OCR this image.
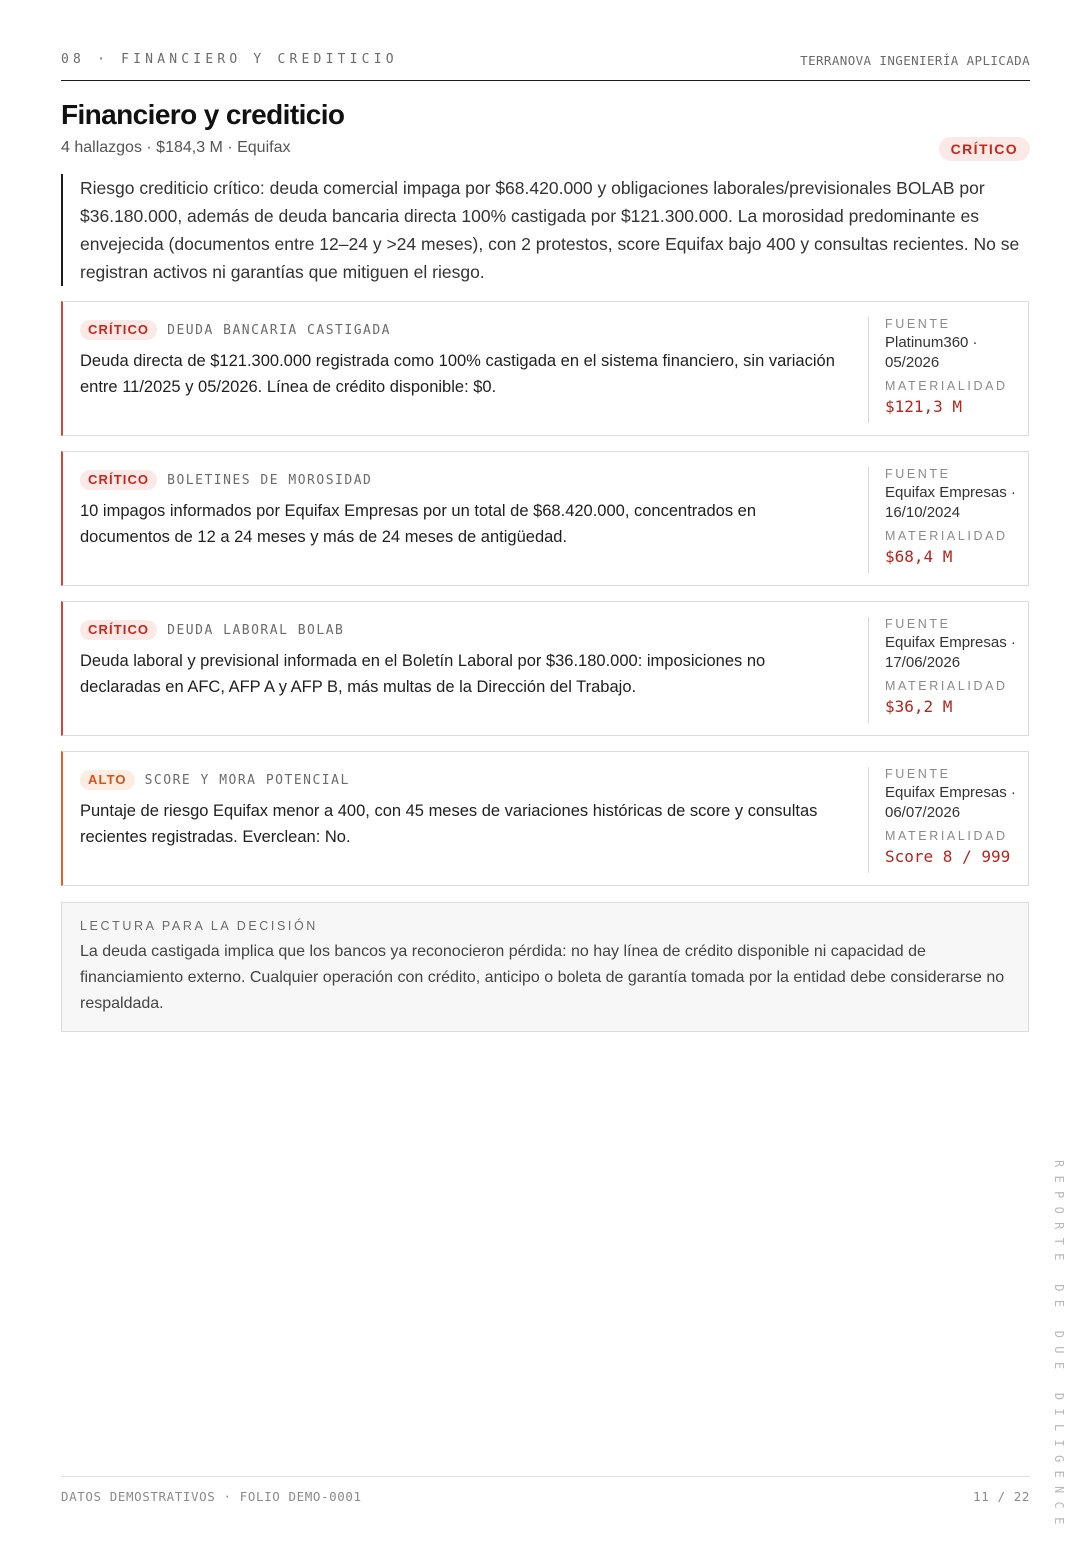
08 · FINANCIERO Y CREDITICIO	TERRANOVA INGENIERÍA APLICADA
Financiero y crediticio
4 hallazgos · $184,3 M · Equifax	CRÍTICO
Riesgo crediticio crítico: deuda comercial impaga por $68.420.000 y obligaciones laborales/previsionales BOLAB por $36.180.000, además de deuda bancaria directa 100% castigada por $121.300.000. La morosidad predominante es envejecida (documentos entre 12–24 y >24 meses), con 2 protestos, score Equifax bajo 400 y consultas recientes. No se registran activos ni garantías que mitiguen el riesgo.
CRÍTICO	DEUDA BANCARIA CASTIGADA
Deuda directa de $121.300.000 registrada como 100% castigada en el sistema financiero, sin variación entre 11/2025 y 05/2026. Línea de crédito disponible: $0.
FUENTE
Platinum360 · 05/2026
MATERIALIDAD
$121,3 M
CRÍTICO	BOLETINES DE MOROSIDAD
10 impagos informados por Equifax Empresas por un total de $68.420.000, concentrados en documentos de 12 a 24 meses y más de 24 meses de antigüedad.
FUENTE
Equifax Empresas · 16/10/2024
MATERIALIDAD
$68,4 M
CRÍTICO	DEUDA LABORAL BOLAB
Deuda laboral y previsional informada en el Boletín Laboral por $36.180.000: imposiciones no declaradas en AFC, AFP A y AFP B, más multas de la Dirección del Trabajo.
FUENTE
Equifax Empresas · 17/06/2026
MATERIALIDAD
$36,2 M
ALTO	SCORE Y MORA POTENCIAL
Puntaje de riesgo Equifax menor a 400, con 45 meses de variaciones históricas de score y consultas recientes registradas. Everclean: No.
FUENTE
Equifax Empresas · 06/07/2026
MATERIALIDAD
Score 8 / 999
LECTURA PARA LA DECISIÓN
La deuda castigada implica que los bancos ya reconocieron pérdida: no hay línea de crédito disponible ni capacidad de financiamiento externo. Cualquier operación con crédito, anticipo o boleta de garantía tomada por la entidad debe considerarse no respaldada.
REPORTE DE DUE DILIGENCE
DATOS DEMOSTRATIVOS · FOLIO DEMO-0001	11 / 22
